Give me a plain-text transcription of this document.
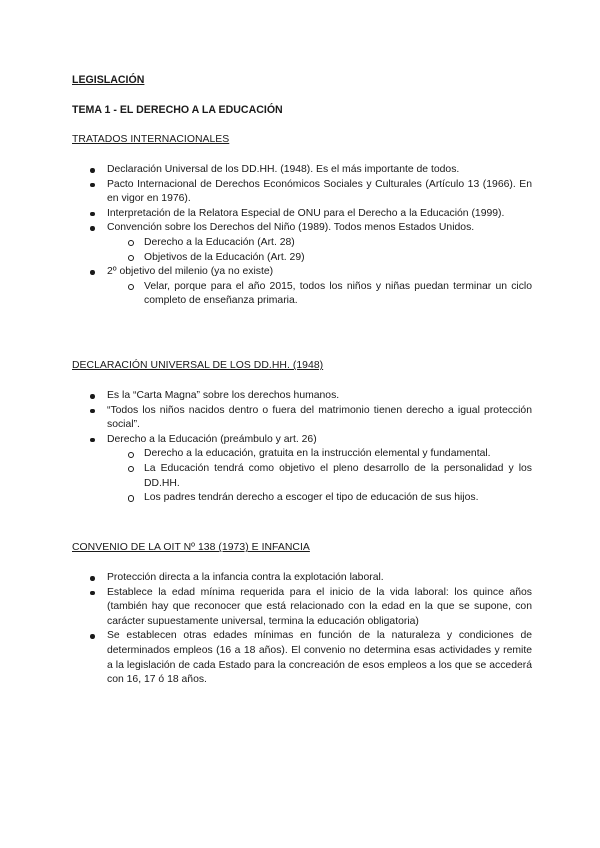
LEGISLACIÓN
TEMA 1 - EL DERECHO A LA EDUCACIÓN
TRATADOS INTERNACIONALES
Declaración Universal de los DD.HH. (1948). Es el más importante de todos.
Pacto Internacional de Derechos Económicos Sociales y Culturales (Artículo 13 (1966). En en vigor en 1976).
Interpretación de la Relatora Especial de ONU para el Derecho a la Educación (1999).
Convención sobre los Derechos del Niño (1989). Todos menos Estados Unidos.
Derecho a la Educación (Art. 28)
Objetivos de la Educación (Art. 29)
2º objetivo del milenio (ya no existe)
Velar, porque para el año 2015, todos los niños y niñas puedan terminar un ciclo completo de enseñanza primaria.
DECLARACIÓN UNIVERSAL DE LOS DD.HH. (1948)
Es la “Carta Magna” sobre los derechos humanos.
“Todos los niños nacidos dentro o fuera del matrimonio tienen derecho a igual protección social”.
Derecho a la Educación (preámbulo y art. 26)
Derecho a la educación, gratuita en la instrucción elemental y fundamental.
La Educación tendrá como objetivo el pleno desarrollo de la personalidad y los DD.HH.
Los padres tendrán derecho a escoger el tipo de educación de sus hijos.
CONVENIO DE LA OIT Nº 138 (1973) E INFANCIA
Protección directa a la infancia contra la explotación laboral.
Establece la edad mínima requerida para el inicio de la vida laboral: los quince años (también hay que reconocer que está relacionado con la edad en la que se supone, con carácter supuestamente universal, termina la educación obligatoria)
Se establecen otras edades mínimas en función de la naturaleza y condiciones de determinados empleos (16 a 18 años). El convenio no determina esas actividades y remite a la legislación de cada Estado para la concreación de esos empleos a los que se accederá con 16, 17 ó 18 años.
